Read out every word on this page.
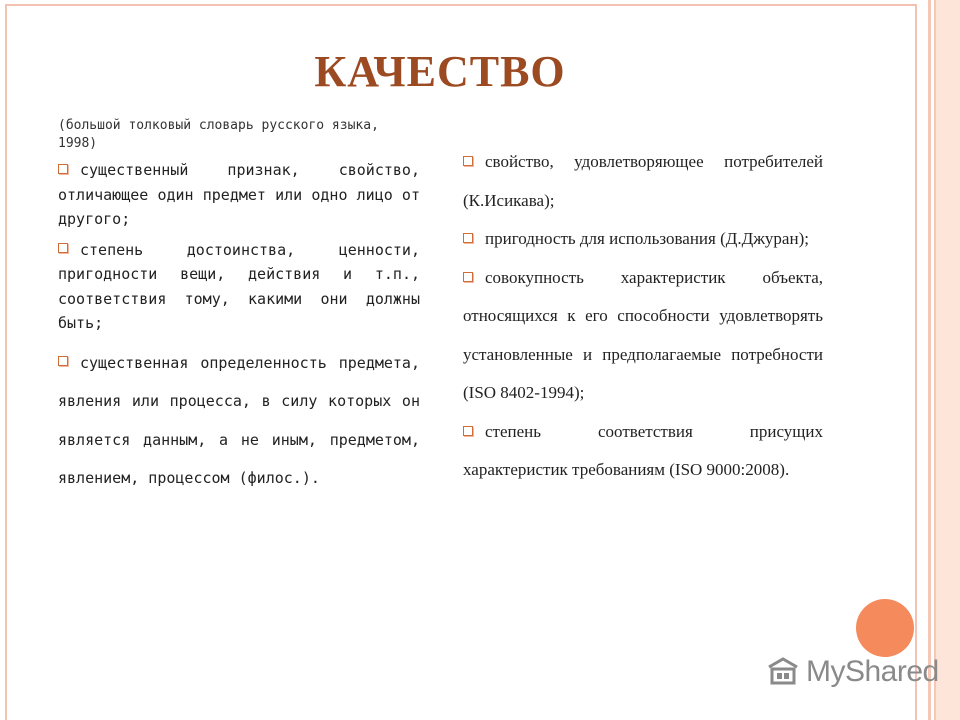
КАЧЕСТВО
(большой толковый словарь русского языка, 1998)
существенный признак, свойство, отличающее один предмет или одно лицо от другого;
степень достоинства, ценности, пригодности вещи, действия и т.п., соответствия тому, какими они должны быть;
существенная определенность предмета, явления или процесса, в силу которых он является данным, а не иным, предметом, явлением, процессом (филос.).
свойство, удовлетворяющее потребителей (К.Исикава);
пригодность для использования (Д.Джуран);
совокупность характеристик объекта, относящихся к его способности удовлетворять установленные и предполагаемые потребности (ISO 8402-1994);
степень соответствия присущих характеристик требованиям (ISO 9000:2008).
MyShared
